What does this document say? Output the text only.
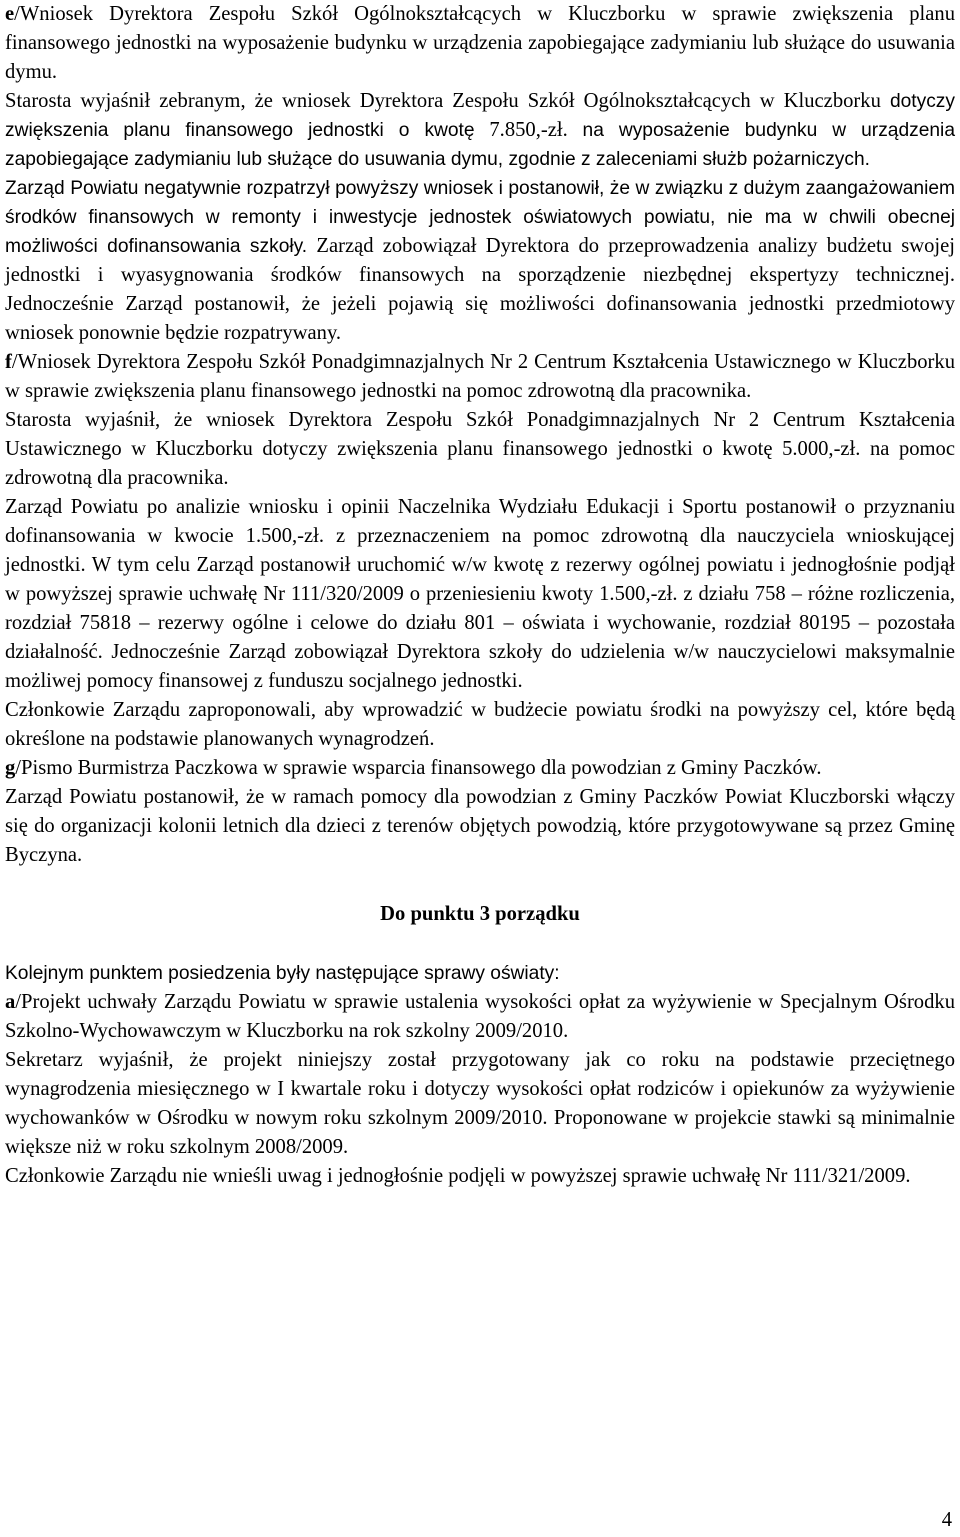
e/Wniosek Dyrektora Zespołu Szkół Ogólnokształcących w Kluczborku w sprawie zwiększenia planu finansowego jednostki na wyposażenie budynku w urządzenia zapobiegające zadymianiu lub służące do usuwania dymu.

Starosta wyjaśnił zebranym, że wniosek Dyrektora Zespołu Szkół Ogólnokształcących w Kluczborku dotyczy zwiększenia planu finansowego jednostki o kwotę 7.850,-zł. na wyposażenie budynku w urządzenia zapobiegające zadymianiu lub służące do usuwania dymu, zgodnie z zaleceniami służb pożarniczych.

Zarząd Powiatu negatywnie rozpatrzył powyższy wniosek i postanowił, że w związku z dużym zaangażowaniem środków finansowych w remonty i inwestycje jednostek oświatowych powiatu, nie ma w chwili obecnej możliwości dofinansowania szkoły. Zarząd zobowiązał Dyrektora do przeprowadzenia analizy budżetu swojej jednostki i wyasygnowania środków finansowych na sporządzenie niezbędnej ekspertyzy technicznej. Jednocześnie Zarząd postanowił, że jeżeli pojawią się możliwości dofinansowania jednostki przedmiotowy wniosek ponownie będzie rozpatrywany.

f/Wniosek Dyrektora Zespołu Szkół Ponadgimnazjalnych Nr 2 Centrum Kształcenia Ustawicznego w Kluczborku w sprawie zwiększenia planu finansowego jednostki na pomoc zdrowotną dla pracownika.

Starosta wyjaśnił, że wniosek Dyrektora Zespołu Szkół Ponadgimnazjalnych Nr 2 Centrum Kształcenia Ustawicznego w Kluczborku dotyczy zwiększenia planu finansowego jednostki o kwotę 5.000,-zł. na pomoc zdrowotną dla pracownika.

Zarząd Powiatu po analizie wniosku i opinii Naczelnika Wydziału Edukacji i Sportu postanowił o przyznaniu dofinansowania w kwocie 1.500,-zł. z przeznaczeniem na pomoc zdrowotną dla nauczyciela wnioskującej jednostki. W tym celu Zarząd postanowił uruchomić w/w kwotę z rezerwy ogólnej powiatu i jednogłośnie podjął w powyższej sprawie uchwałę Nr 111/320/2009 o przeniesieniu kwoty 1.500,-zł. z działu 758 – różne rozliczenia, rozdział 75818 – rezerwy ogólne i celowe do działu 801 – oświata i wychowanie, rozdział 80195 – pozostała działalność. Jednocześnie Zarząd zobowiązał Dyrektora szkoły do udzielenia w/w nauczycielowi maksymalnie możliwej pomocy finansowej z funduszu socjalnego jednostki.

Członkowie Zarządu zaproponowali, aby wprowadzić w budżecie powiatu środki na powyższy cel, które będą określone na podstawie planowanych wynagrodzeń.

g/Pismo Burmistrza Paczkowa w sprawie wsparcia finansowego dla powodzian z Gminy Paczków.

Zarząd Powiatu postanowił, że w ramach pomocy dla powodzian z Gminy Paczków Powiat Kluczborski włączy się do organizacji kolonii letnich dla dzieci z terenów objętych powodzią, które przygotowywane są przez Gminę Byczyna.

Do punktu 3 porządku

Kolejnym punktem posiedzenia były następujące sprawy oświaty:

a/Projekt uchwały Zarządu Powiatu w sprawie ustalenia wysokości opłat za wyżywienie w Specjalnym Ośrodku Szkolno-Wychowawczym w Kluczborku na rok szkolny 2009/2010.

Sekretarz wyjaśnił, że projekt niniejszy został przygotowany jak co roku na podstawie przeciętnego wynagrodzenia miesięcznego w I kwartale roku i dotyczy wysokości opłat rodziców i opiekunów za wyżywienie wychowanków w Ośrodku w nowym roku szkolnym 2009/2010. Proponowane w projekcie stawki są minimalnie większe niż w roku szkolnym 2008/2009.

Członkowie Zarządu nie wnieśli uwag i jednogłośnie podjęli w powyższej sprawie uchwałę Nr 111/321/2009.

4
